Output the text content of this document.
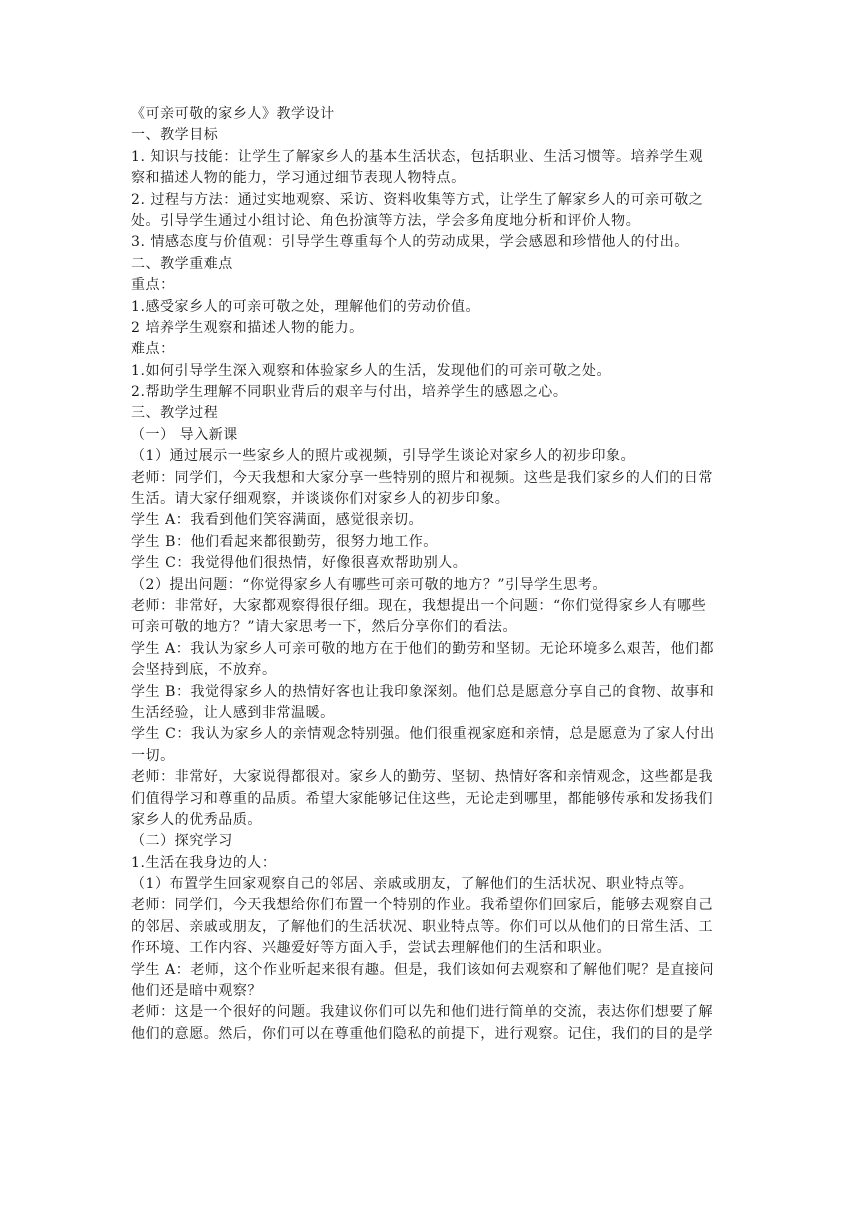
《可亲可敬的家乡人》教学设计
一、教学目标
1. 知识与技能：让学生了解家乡人的基本生活状态，包括职业、生活习惯等。培养学生观
察和描述人物的能力，学习通过细节表现人物特点。
2. 过程与方法：通过实地观察、采访、资料收集等方式，让学生了解家乡人的可亲可敬之
处。引导学生通过小组讨论、角色扮演等方法，学会多角度地分析和评价人物。
3. 情感态度与价值观：引导学生尊重每个人的劳动成果，学会感恩和珍惜他人的付出。
二、教学重难点
重点：
1.感受家乡人的可亲可敬之处，理解他们的劳动价值。
2 培养学生观察和描述人物的能力。
难点：
1.如何引导学生深入观察和体验家乡人的生活，发现他们的可亲可敬之处。
2.帮助学生理解不同职业背后的艰辛与付出，培养学生的感恩之心。
三、教学过程
（一） 导入新课
（1）通过展示一些家乡人的照片或视频，引导学生谈论对家乡人的初步印象。
老师：同学们，今天我想和大家分享一些特别的照片和视频。这些是我们家乡的人们的日常
生活。请大家仔细观察，并谈谈你们对家乡人的初步印象。
学生 A：我看到他们笑容满面，感觉很亲切。
学生 B：他们看起来都很勤劳，很努力地工作。
学生 C：我觉得他们很热情，好像很喜欢帮助别人。
（2）提出问题：“你觉得家乡人有哪些可亲可敬的地方？”引导学生思考。
老师：非常好，大家都观察得很仔细。现在，我想提出一个问题：“你们觉得家乡人有哪些
可亲可敬的地方？”请大家思考一下，然后分享你们的看法。
学生 A：我认为家乡人可亲可敬的地方在于他们的勤劳和坚韧。无论环境多么艰苦，他们都
会坚持到底，不放弃。
学生 B：我觉得家乡人的热情好客也让我印象深刻。他们总是愿意分享自己的食物、故事和
生活经验，让人感到非常温暖。
学生 C：我认为家乡人的亲情观念特别强。他们很重视家庭和亲情，总是愿意为了家人付出
一切。
老师：非常好，大家说得都很对。家乡人的勤劳、坚韧、热情好客和亲情观念，这些都是我
们值得学习和尊重的品质。希望大家能够记住这些，无论走到哪里，都能够传承和发扬我们
家乡人的优秀品质。
（二）探究学习
1.生活在我身边的人：
（1）布置学生回家观察自己的邻居、亲戚或朋友，了解他们的生活状况、职业特点等。
老师：同学们，今天我想给你们布置一个特别的作业。我希望你们回家后，能够去观察自己
的邻居、亲戚或朋友，了解他们的生活状况、职业特点等。你们可以从他们的日常生活、工
作环境、工作内容、兴趣爱好等方面入手，尝试去理解他们的生活和职业。
学生 A：老师，这个作业听起来很有趣。但是，我们该如何去观察和了解他们呢？是直接问
他们还是暗中观察？
老师：这是一个很好的问题。我建议你们可以先和他们进行简单的交流，表达你们想要了解
他们的意愿。然后，你们可以在尊重他们隐私的前提下，进行观察。记住，我们的目的是学
